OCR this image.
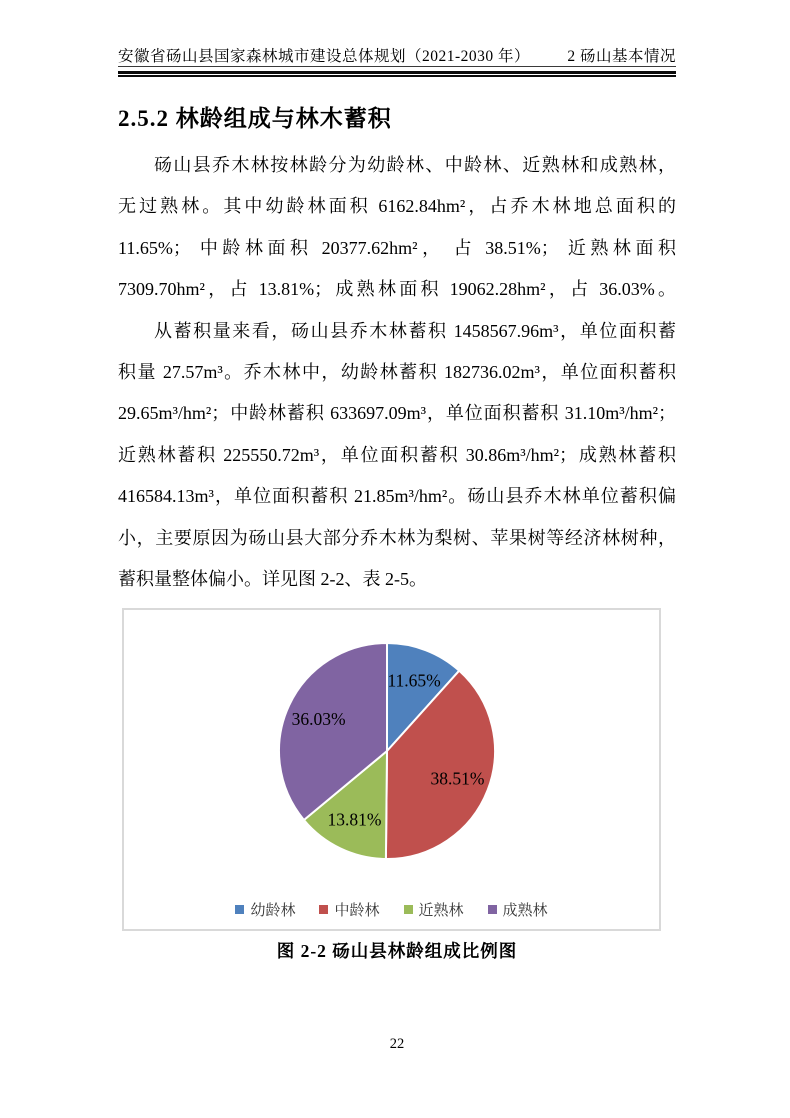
安徽省砀山县国家森林城市建设总体规划（2021-2030 年） 2 砀山基本情况
2.5.2 林龄组成与林木蓄积
砀山县乔木林按林龄分为幼龄林、中龄林、近熟林和成熟林，
无过熟林。其中幼龄林面积 6162.84hm²，占乔木林地总面积的
11.65%； 中龄林面积 20377.62hm²， 占 38.51%； 近熟林面积
7309.70hm²，占 13.81%；成熟林面积 19062.28hm²，占 36.03%。
从蓄积量来看，砀山县乔木林蓄积 1458567.96m³，单位面积蓄
积量 27.57m³。乔木林中，幼龄林蓄积 182736.02m³，单位面积蓄积
29.65m³/hm²；中龄林蓄积 633697.09m³，单位面积蓄积 31.10m³/hm²；
近熟林蓄积 225550.72m³，单位面积蓄积 30.86m³/hm²；成熟林蓄积
416584.13m³，单位面积蓄积 21.85m³/hm²。砀山县乔木林单位蓄积偏
小，主要原因为砀山县大部分乔木林为梨树、苹果树等经济林树种，
蓄积量整体偏小。详见图 2-2、表 2-5。
11.65%
38.51%
13.81%
36.03%
幼龄林	中龄林	近熟林	成熟林
图 2-2 砀山县林龄组成比例图
22
